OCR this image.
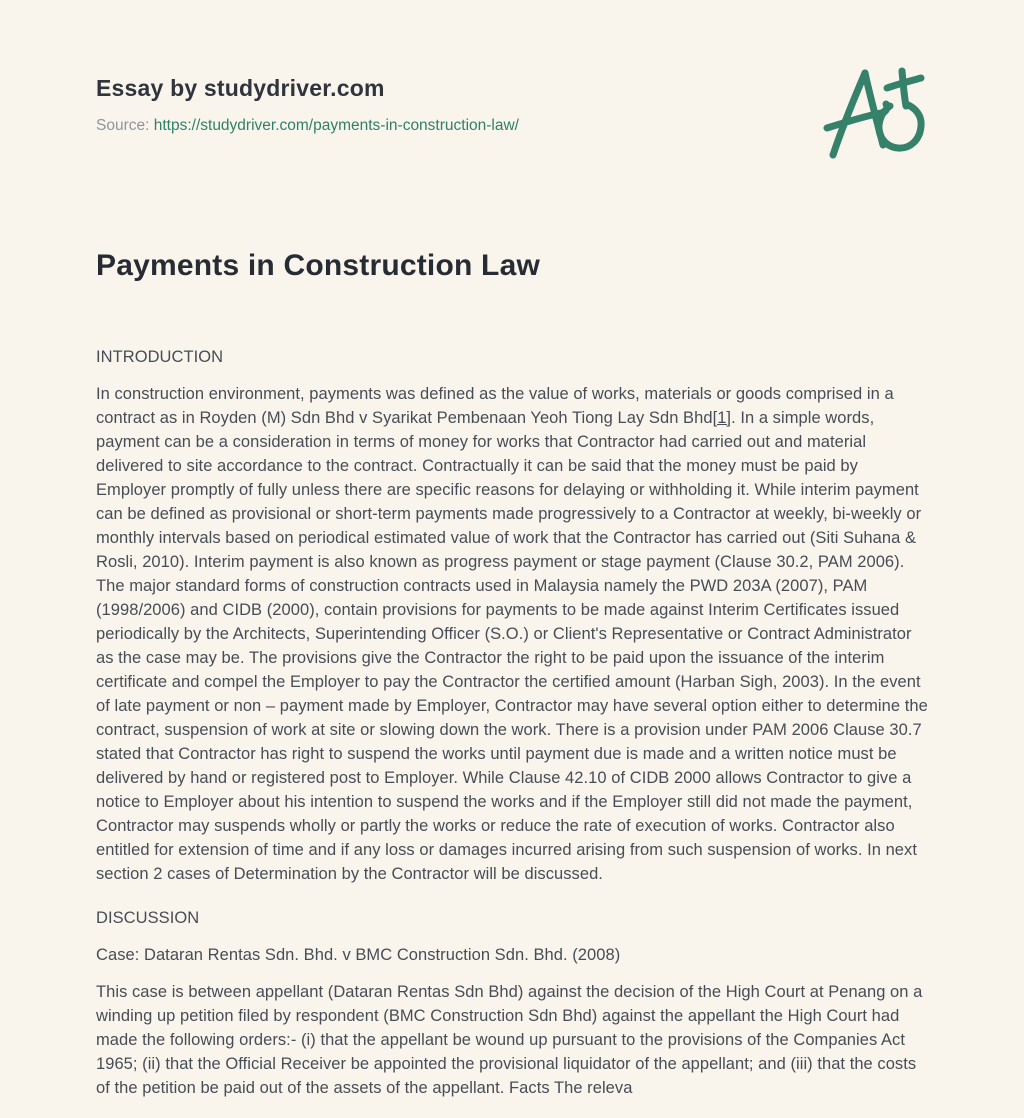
Essay by studydriver.com

Source: https://studydriver.com/payments-in-construction-law/

Payments in Construction Law

INTRODUCTION

In construction environment, payments was defined as the value of works, materials or goods comprised in a contract as in Royden (M) Sdn Bhd v Syarikat Pembenaan Yeoh Tiong Lay Sdn Bhd[1]. In a simple words, payment can be a consideration in terms of money for works that Contractor had carried out and material delivered to site accordance to the contract. Contractually it can be said that the money must be paid by Employer promptly of fully unless there are specific reasons for delaying or withholding it. While interim payment can be defined as provisional or short-term payments made progressively to a Contractor at weekly, bi-weekly or monthly intervals based on periodical estimated value of work that the Contractor has carried out (Siti Suhana & Rosli, 2010). Interim payment is also known as progress payment or stage payment (Clause 30.2, PAM 2006). The major standard forms of construction contracts used in Malaysia namely the PWD 203A (2007), PAM (1998/2006) and CIDB (2000), contain provisions for payments to be made against Interim Certificates issued periodically by the Architects, Superintending Officer (S.O.) or Client's Representative or Contract Administrator as the case may be. The provisions give the Contractor the right to be paid upon the issuance of the interim certificate and compel the Employer to pay the Contractor the certified amount (Harban Sigh, 2003). In the event of late payment or non – payment made by Employer, Contractor may have several option either to determine the contract, suspension of work at site or slowing down the work. There is a provision under PAM 2006 Clause 30.7 stated that Contractor has right to suspend the works until payment due is made and a written notice must be delivered by hand or registered post to Employer. While Clause 42.10 of CIDB 2000 allows Contractor to give a notice to Employer about his intention to suspend the works and if the Employer still did not made the payment, Contractor may suspends wholly or partly the works or reduce the rate of execution of works. Contractor also entitled for extension of time and if any loss or damages incurred arising from such suspension of works. In next section 2 cases of Determination by the Contractor will be discussed.

DISCUSSION

Case: Dataran Rentas Sdn. Bhd. v BMC Construction Sdn. Bhd. (2008)

This case is between appellant (Dataran Rentas Sdn Bhd) against the decision of the High Court at Penang on a winding up petition filed by respondent (BMC Construction Sdn Bhd) against the appellant the High Court had made the following orders:- (i) that the appellant be wound up pursuant to the provisions of the Companies Act 1965; (ii) that the Official Receiver be appointed the provisional liquidator of the appellant; and (iii) that the costs of the petition be paid out of the assets of the appellant. Facts The releva
